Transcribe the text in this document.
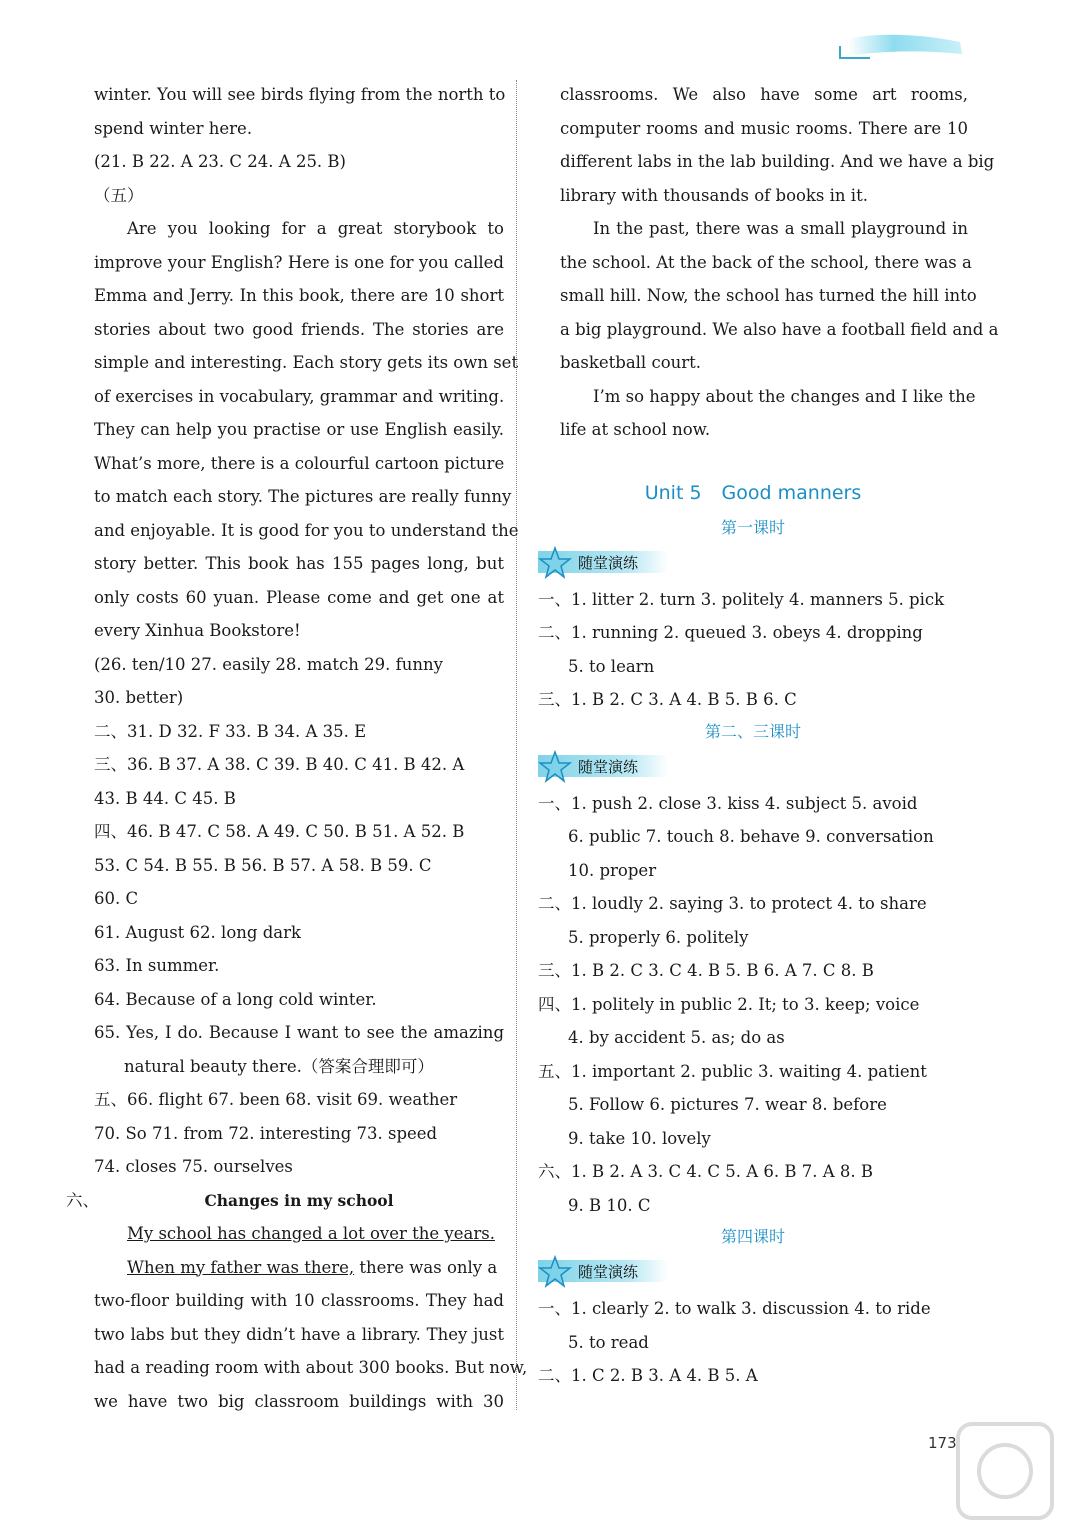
winter. You will see birds flying from the north to
spend winter here.
(21. B 22. A 23. C 24. A 25. B)
（五）
Are you looking for a great storybook to
improve your English? Here is one for you called
Emma and Jerry. In this book, there are 10 short
stories about two good friends. The stories are
simple and interesting. Each story gets its own set
of exercises in vocabulary, grammar and writing.
They can help you practise or use English easily.
What’s more, there is a colourful cartoon picture
to match each story. The pictures are really funny
and enjoyable. It is good for you to understand the
story better. This book has 155 pages long, but
only costs 60 yuan. Please come and get one at
every Xinhua Bookstore!
(26. ten/10 27. easily 28. match 29. funny
30. better)
二、31. D 32. F 33. B 34. A 35. E
三、36. B 37. A 38. C 39. B 40. C 41. B 42. A
43. B 44. C 45. B
四、46. B 47. C 58. A 49. C 50. B 51. A 52. B
53. C 54. B 55. B 56. B 57. A 58. B 59. C
60. C
61. August 62. long dark
63. In summer.
64. Because of a long cold winter.
65. Yes, I do. Because I want to see the amazing
natural beauty there.（答案合理即可）
五、66. flight 67. been 68. visit 69. weather
70. So 71. from 72. interesting 73. speed
74. closes 75. ourselves
六、	Changes in my school
My school has changed a lot over the years.
When my father was there, there was only a
two-floor building with 10 classrooms. They had
two labs but they didn’t have a library. They just
had a reading room with about 300 books. But now,
we have two big classroom buildings with 30
classrooms. We also have some art rooms,
computer rooms and music rooms. There are 10
different labs in the lab building. And we have a big
library with thousands of books in it.
In the past, there was a small playground in
the school. At the back of the school, there was a
small hill. Now, the school has turned the hill into
a big playground. We also have a football field and a
basketball court.
I’m so happy about the changes and I like the
life at school now.
Unit 5 Good manners
第一课时
随堂演练
一、1. litter 2. turn 3. politely 4. manners 5. pick
二、1. running 2. queued 3. obeys 4. dropping
5. to learn
三、1. B 2. C 3. A 4. B 5. B 6. C
第二、三课时
随堂演练
一、1. push 2. close 3. kiss 4. subject 5. avoid
6. public 7. touch 8. behave 9. conversation
10. proper
二、1. loudly 2. saying 3. to protect 4. to share
5. properly 6. politely
三、1. B 2. C 3. C 4. B 5. B 6. A 7. C 8. B
四、1. politely in public 2. It; to 3. keep; voice
4. by accident 5. as; do as
五、1. important 2. public 3. waiting 4. patient
5. Follow 6. pictures 7. wear 8. before
9. take 10. lovely
六、1. B 2. A 3. C 4. C 5. A 6. B 7. A 8. B
9. B 10. C
第四课时
随堂演练
一、1. clearly 2. to walk 3. discussion 4. to ride
5. to read
二、1. C 2. B 3. A 4. B 5. A
173
